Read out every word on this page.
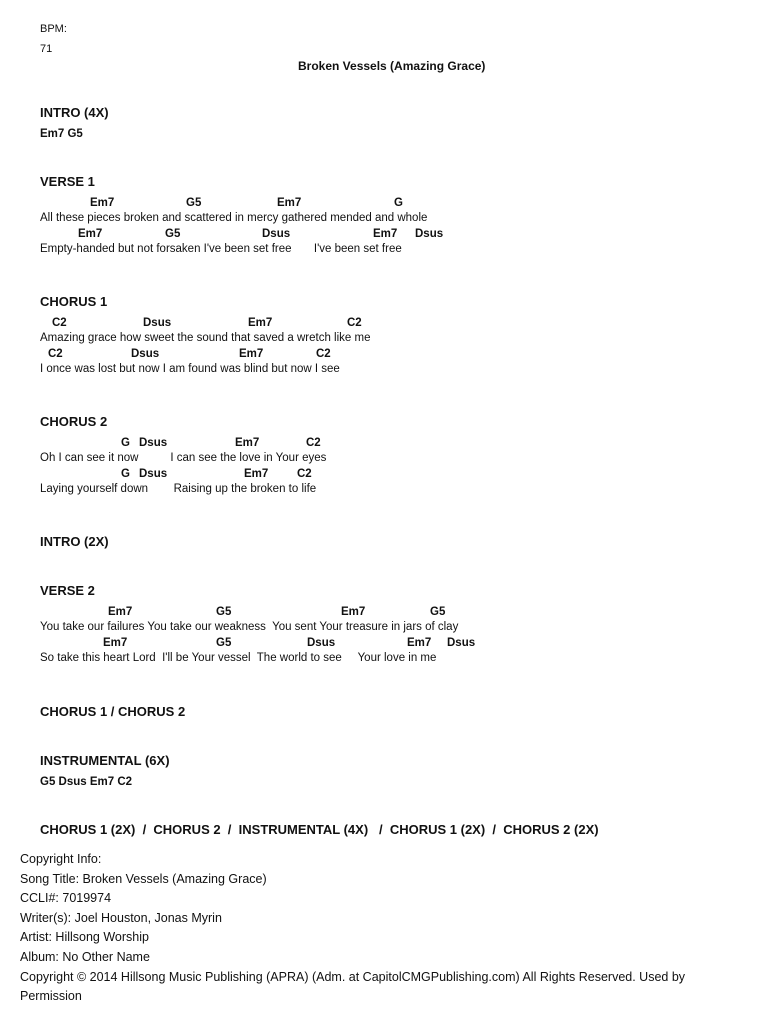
BPM:
71
Broken Vessels (Amazing Grace)
INTRO (4X)
Em7 G5
VERSE 1
Em7	G5	Em7	G
All these pieces broken and scattered in mercy gathered mended and whole
Em7	G5	Dsus	Em7 Dsus
Empty-handed but not forsaken I've been set free       I've been set free
CHORUS 1
C2	Dsus	Em7	C2
Amazing grace how sweet the sound that saved a wretch like me
C2	Dsus	Em7	C2
I once was lost but now I am found was blind but now I see
CHORUS 2
G Dsus	Em7	C2
Oh I can see it now          I can see the love in Your eyes
G Dsus	Em7 C2
Laying yourself down        Raising up the broken to life
INTRO (2X)
VERSE 2
Em7	G5	Em7	G5
You take our failures You take our weakness  You sent Your treasure in jars of clay
Em7	G5	Dsus	Em7 Dsus
So take this heart Lord  I'll be Your vessel  The world to see     Your love in me
CHORUS 1 / CHORUS 2
INSTRUMENTAL (6X)
G5 Dsus Em7 C2
CHORUS 1 (2X)  /  CHORUS 2  /  INSTRUMENTAL (4X)   /  CHORUS 1 (2X)  /  CHORUS 2 (2X)
Copyright Info:
Song Title: Broken Vessels (Amazing Grace)
CCLI#: 7019974
Writer(s): Joel Houston, Jonas Myrin
Artist: Hillsong Worship
Album: No Other Name
Copyright © 2014 Hillsong Music Publishing (APRA) (Adm. at CapitolCMGPublishing.com) All Rights Reserved. Used by
Permission
